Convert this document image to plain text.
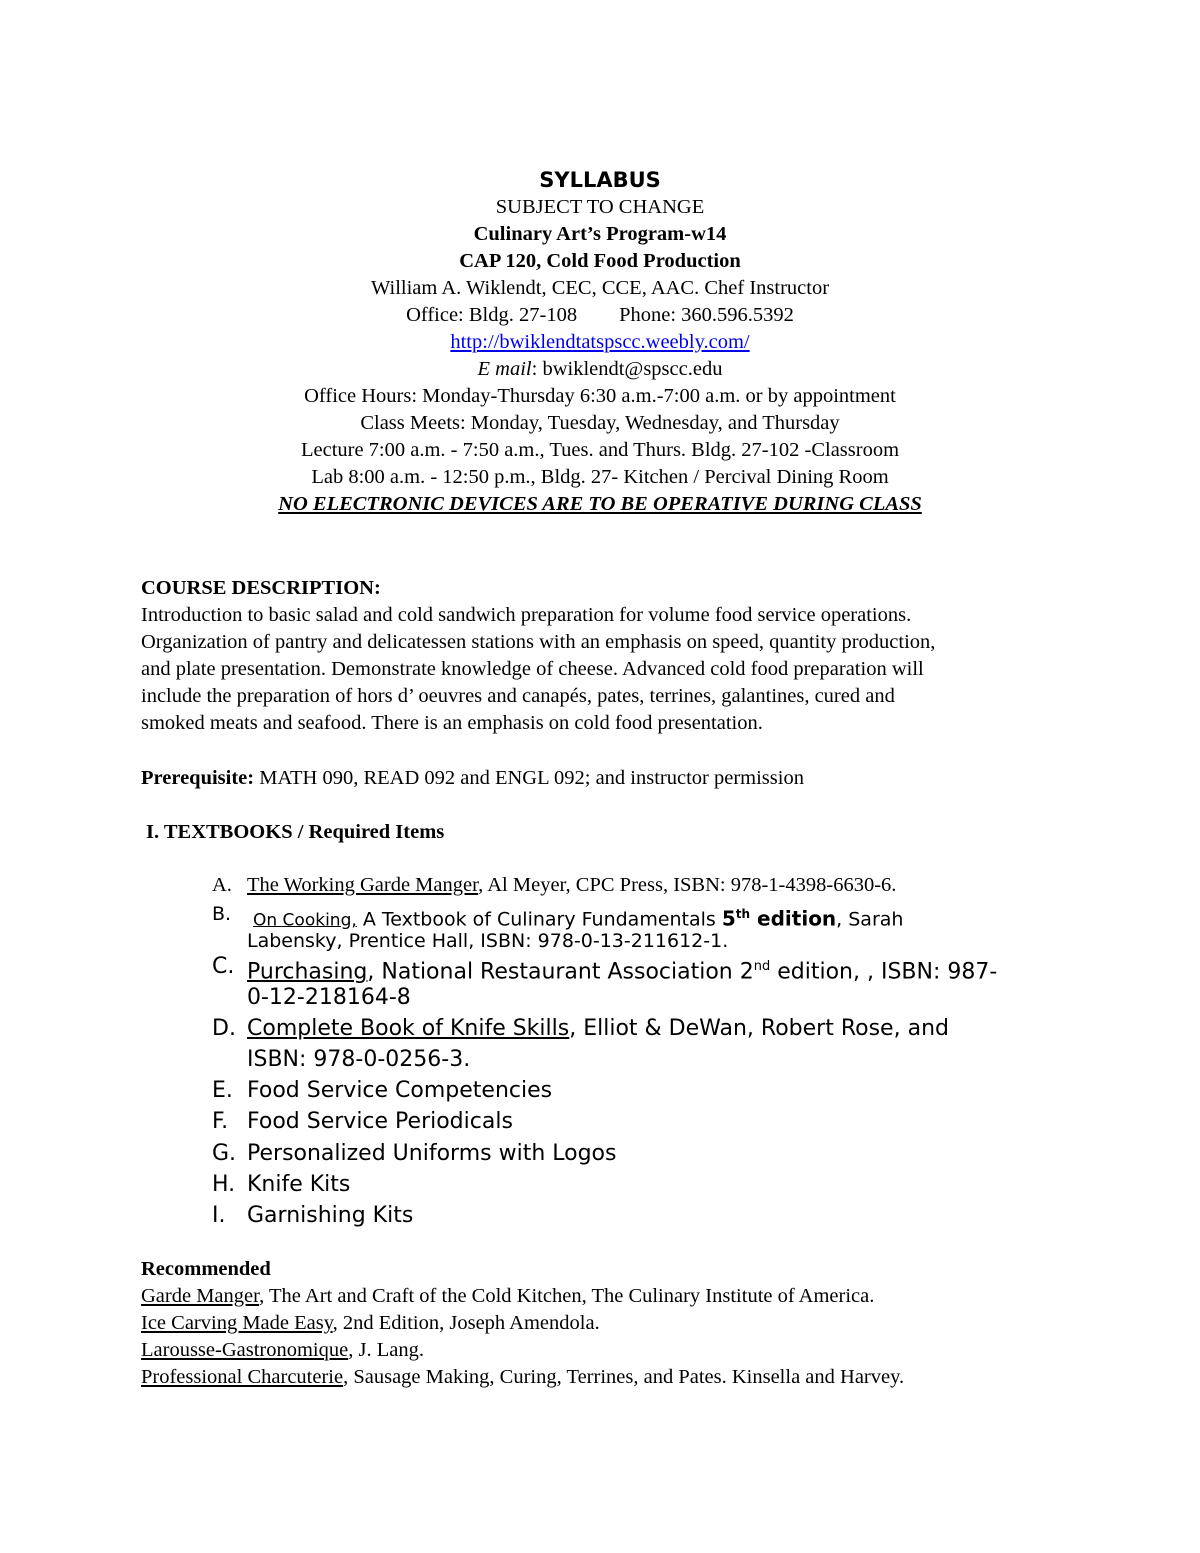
SYLLABUS
SUBJECT TO CHANGE
Culinary Art’s Program-w14
CAP 120, Cold Food Production
William A. Wiklendt, CEC, CCE, AAC. Chef Instructor
Office: Bldg. 27-108 Phone: 360.596.5392
http://bwiklendtatspscc.weebly.com/
E mail: bwiklendt@spscc.edu
Office Hours: Monday-Thursday 6:30 a.m.-7:00 a.m. or by appointment
Class Meets: Monday, Tuesday, Wednesday, and Thursday
Lecture 7:00 a.m. - 7:50 a.m., Tues. and Thurs. Bldg. 27-102 -Classroom
Lab 8:00 a.m. - 12:50 p.m., Bldg. 27- Kitchen / Percival Dining Room
NO ELECTRONIC DEVICES ARE TO BE OPERATIVE DURING CLASS
COURSE DESCRIPTION:
Introduction to basic salad and cold sandwich preparation for volume food service operations.
Organization of pantry and delicatessen stations with an emphasis on speed, quantity production,
and plate presentation. Demonstrate knowledge of cheese. Advanced cold food preparation will
include the preparation of hors d’ oeuvres and canapés, pates, terrines, galantines, cured and
smoked meats and seafood. There is an emphasis on cold food presentation.
Prerequisite: MATH 090, READ 092 and ENGL 092; and instructor permission
I. TEXTBOOKS / Required Items
A. The Working Garde Manger, Al Meyer, CPC Press, ISBN: 978-1-4398-6630-6.
B. On Cooking, A Textbook of Culinary Fundamentals 5th edition, Sarah
Labensky, Prentice Hall, ISBN: 978-0-13-211612-1.
C. Purchasing, National Restaurant Association 2nd edition, , ISBN: 987-
0-12-218164-8
D. Complete Book of Knife Skills, Elliot & DeWan, Robert Rose, and
ISBN: 978-0-0256-3.
E. Food Service Competencies
F. Food Service Periodicals
G. Personalized Uniforms with Logos
H. Knife Kits
I. Garnishing Kits
Recommended
Garde Manger, The Art and Craft of the Cold Kitchen, The Culinary Institute of America.
Ice Carving Made Easy, 2nd Edition, Joseph Amendola.
Larousse-Gastronomique, J. Lang.
Professional Charcuterie, Sausage Making, Curing, Terrines, and Pates. Kinsella and Harvey.
